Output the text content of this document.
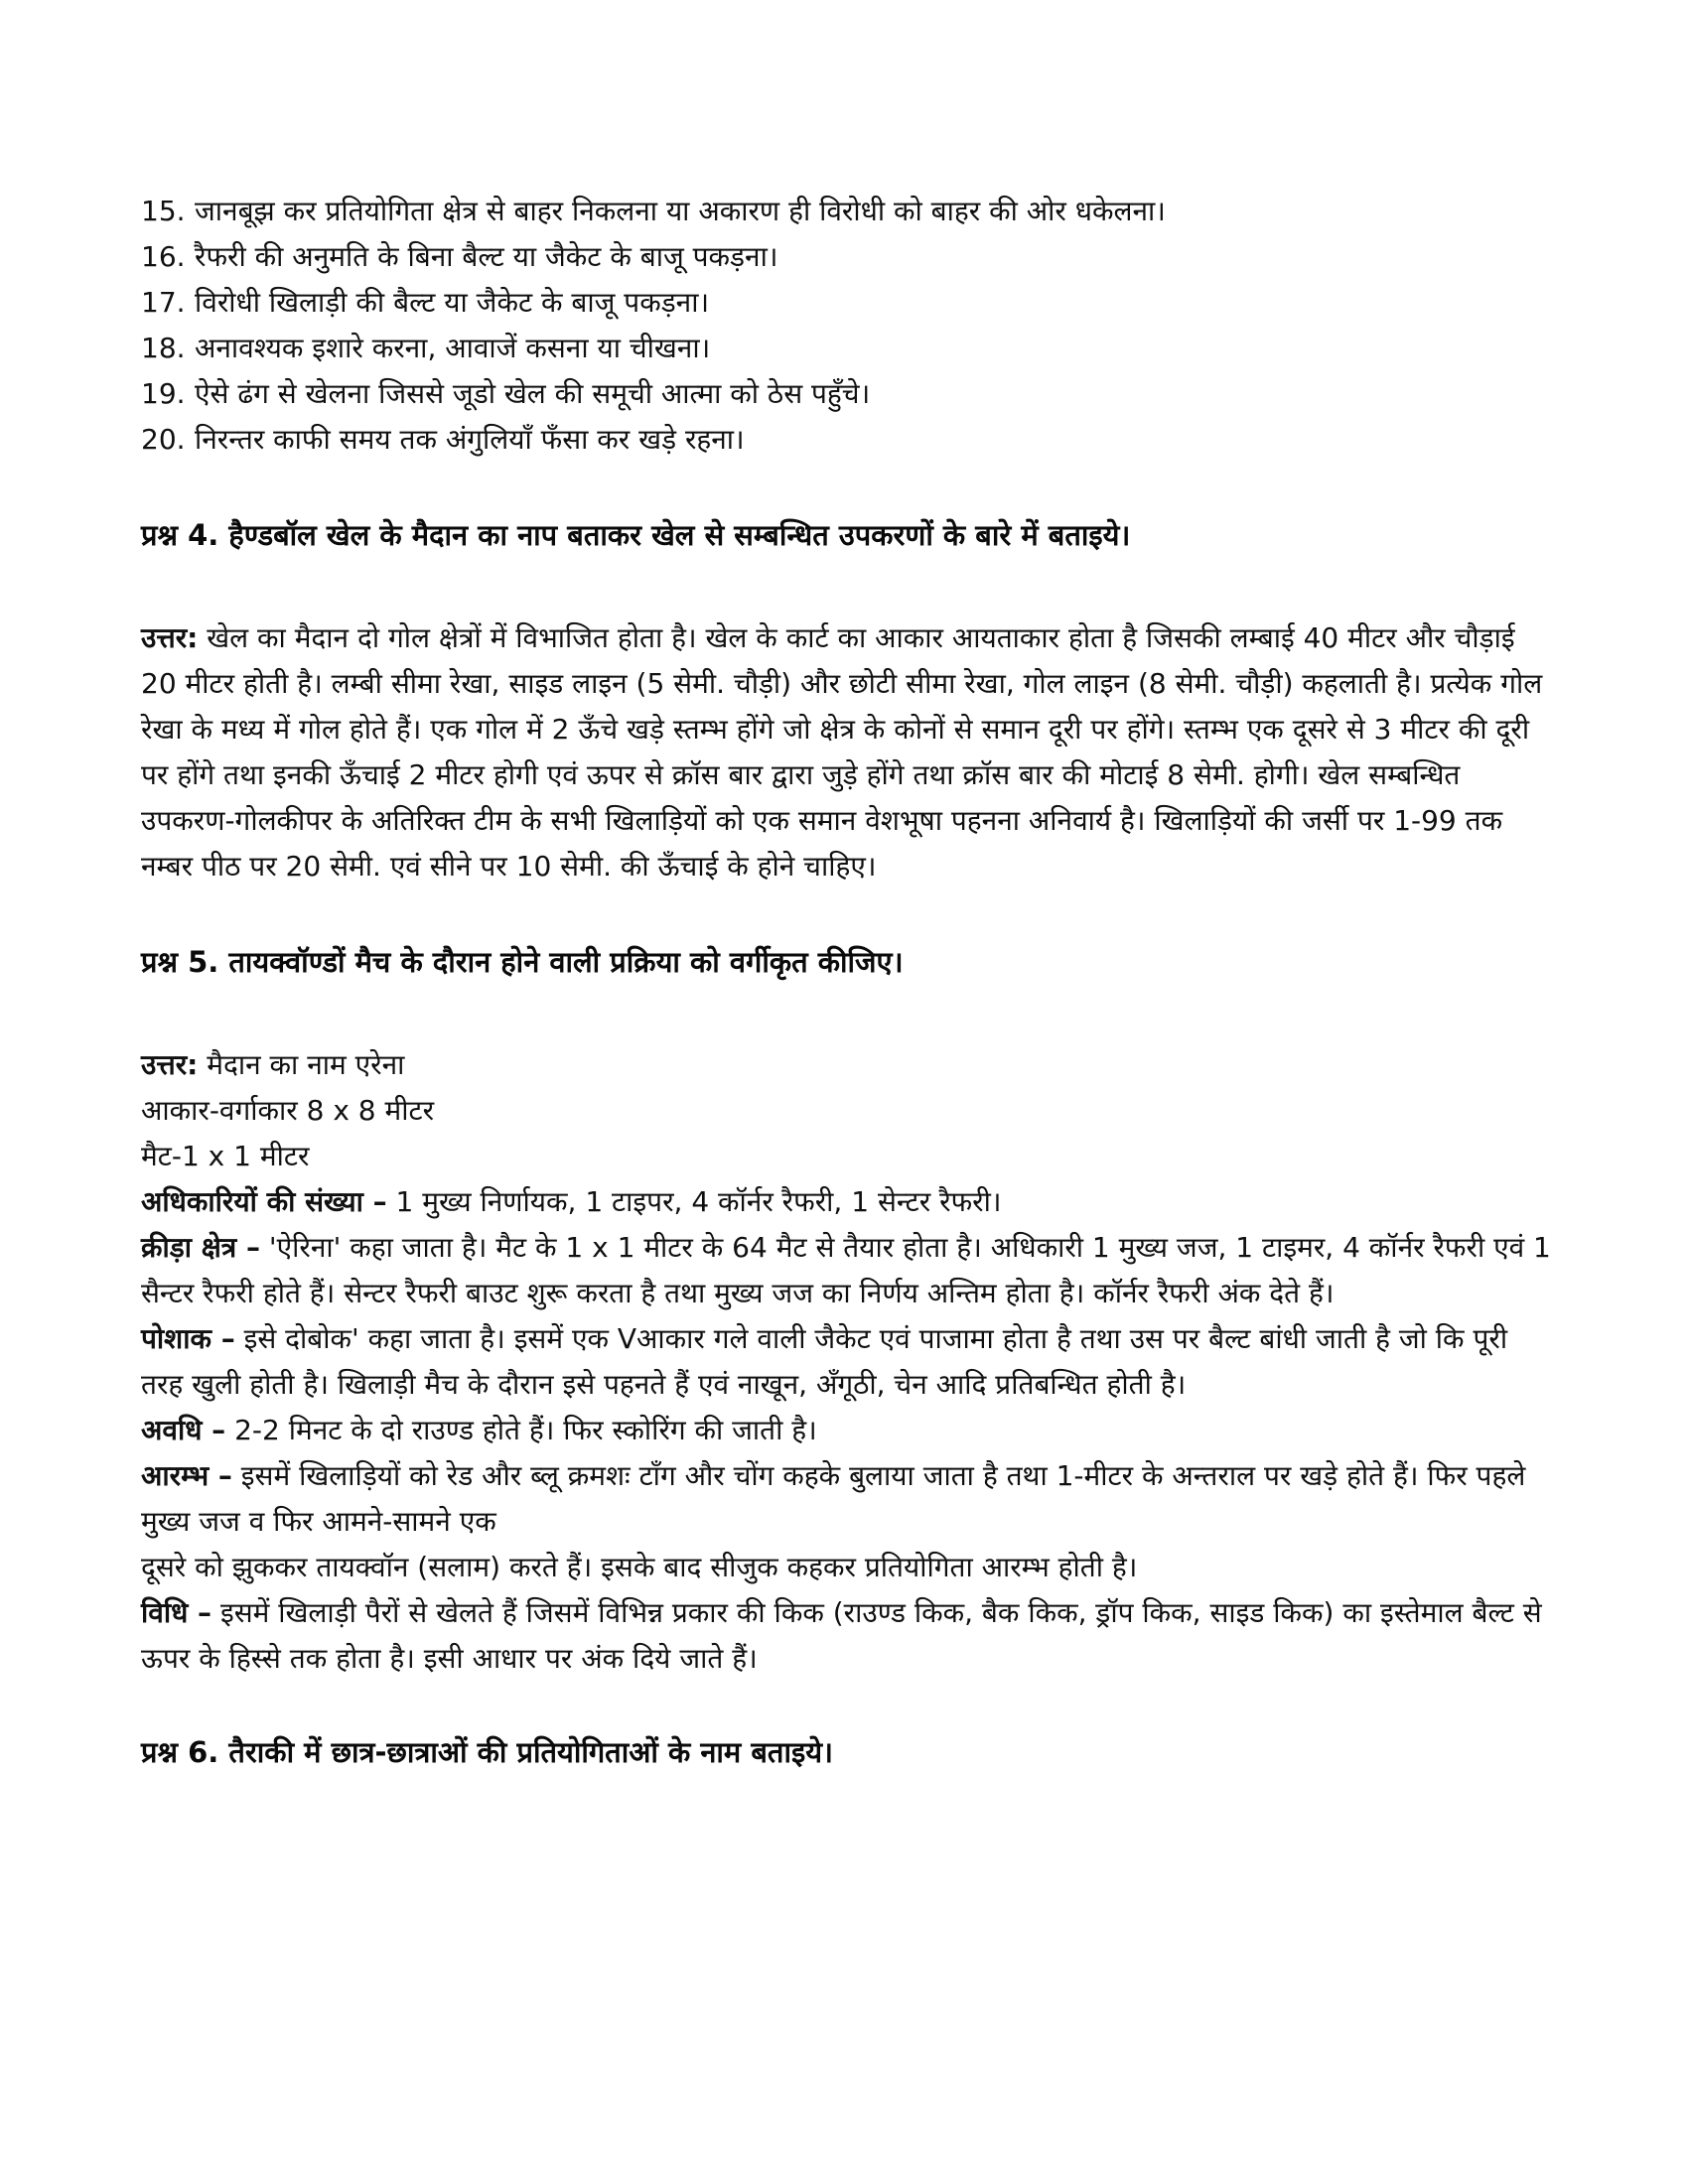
15. जानबूझ कर प्रतियोगिता क्षेत्र से बाहर निकलना या अकारण ही विरोधी को बाहर की ओर धकेलना।
16. रैफरी की अनुमति के बिना बैल्ट या जैकेट के बाजू पकड़ना।
17. विरोधी खिलाड़ी की बैल्ट या जैकेट के बाजू पकड़ना।
18. अनावश्यक इशारे करना, आवाजें कसना या चीखना।
19. ऐसे ढंग से खेलना जिससे जूडो खेल की समूची आत्मा को ठेस पहुँचे।
20. निरन्तर काफी समय तक अंगुलियाँ फँसा कर खड़े रहना।
प्रश्न 4. हैण्डबॉल खेल के मैदान का नाप बताकर खेल से सम्बन्धित उपकरणों के बारे में बताइये।

उत्तर: खेल का मैदान दो गोल क्षेत्रों में विभाजित होता है। खेल के कार्ट का आकार आयताकार होता है जिसकी लम्बाई 40 मीटर और चौड़ाई 20 मीटर होती है। लम्बी सीमा रेखा, साइड लाइन (5 सेमी. चौड़ी) और छोटी सीमा रेखा, गोल लाइन (8 सेमी. चौड़ी) कहलाती है। प्रत्येक गोल रेखा के मध्य में गोल होते हैं। एक गोल में 2 ऊँचे खड़े स्तम्भ होंगे जो क्षेत्र के कोनों से समान दूरी पर होंगे। स्तम्भ एक दूसरे से 3 मीटर की दूरी पर होंगे तथा इनकी ऊँचाई 2 मीटर होगी एवं ऊपर से क्रॉस बार द्वारा जुड़े होंगे तथा क्रॉस बार की मोटाई 8 सेमी. होगी। खेल सम्बन्धित उपकरण-गोलकीपर के अतिरिक्त टीम के सभी खिलाड़ियों को एक समान वेशभूषा पहनना अनिवार्य है। खिलाड़ियों की जर्सी पर 1-99 तक नम्बर पीठ पर 20 सेमी. एवं सीने पर 10 सेमी. की ऊँचाई के होने चाहिए।

प्रश्न 5. तायक्वॉण्डों मैच के दौरान होने वाली प्रक्रिया को वर्गीकृत कीजिए।

उत्तर: मैदान का नाम एरेना

आकार-वर्गाकार 8 x 8 मीटर

मैट-1 x 1 मीटर

अधिकारियों की संख्या – 1 मुख्य निर्णायक, 1 टाइपर, 4 कॉर्नर रैफरी, 1 सेन्टर रैफरी।

क्रीड़ा क्षेत्र – 'ऐरिना' कहा जाता है। मैट के 1 x 1 मीटर के 64 मैट से तैयार होता है। अधिकारी 1 मुख्य जज, 1 टाइमर, 4 कॉर्नर रैफरी एवं 1 सैन्टर रैफरी होते हैं। सेन्टर रैफरी बाउट शुरू करता है तथा मुख्य जज का निर्णय अन्तिम होता है। कॉर्नर रैफरी अंक देते हैं।

पोशाक – इसे दोबोक' कहा जाता है। इसमें एक Vआकार गले वाली जैकेट एवं पाजामा होता है तथा उस पर बैल्ट बांधी जाती है जो कि पूरी तरह खुली होती है। खिलाड़ी मैच के दौरान इसे पहनते हैं एवं नाखून, अँगूठी, चेन आदि प्रतिबन्धित होती है।

अवधि – 2-2 मिनट के दो राउण्ड होते हैं। फिर स्कोरिंग की जाती है।

आरम्भ – इसमें खिलाड़ियों को रेड और ब्लू क्रमशः टाँग और चोंग कहके बुलाया जाता है तथा 1-मीटर के अन्तराल पर खड़े होते हैं। फिर पहले मुख्य जज व फिर आमने-सामने एक

दूसरे को झुककर तायक्वॉन (सलाम) करते हैं। इसके बाद सीजुक कहकर प्रतियोगिता आरम्भ होती है।

विधि – इसमें खिलाड़ी पैरों से खेलते हैं जिसमें विभिन्न प्रकार की किक (राउण्ड किक, बैक किक, ड्रॉप किक, साइड किक) का इस्तेमाल बैल्ट से ऊपर के हिस्से तक होता है। इसी आधार पर अंक दिये जाते हैं।

प्रश्न 6. तैराकी में छात्र-छात्राओं की प्रतियोगिताओं के नाम बताइये।
